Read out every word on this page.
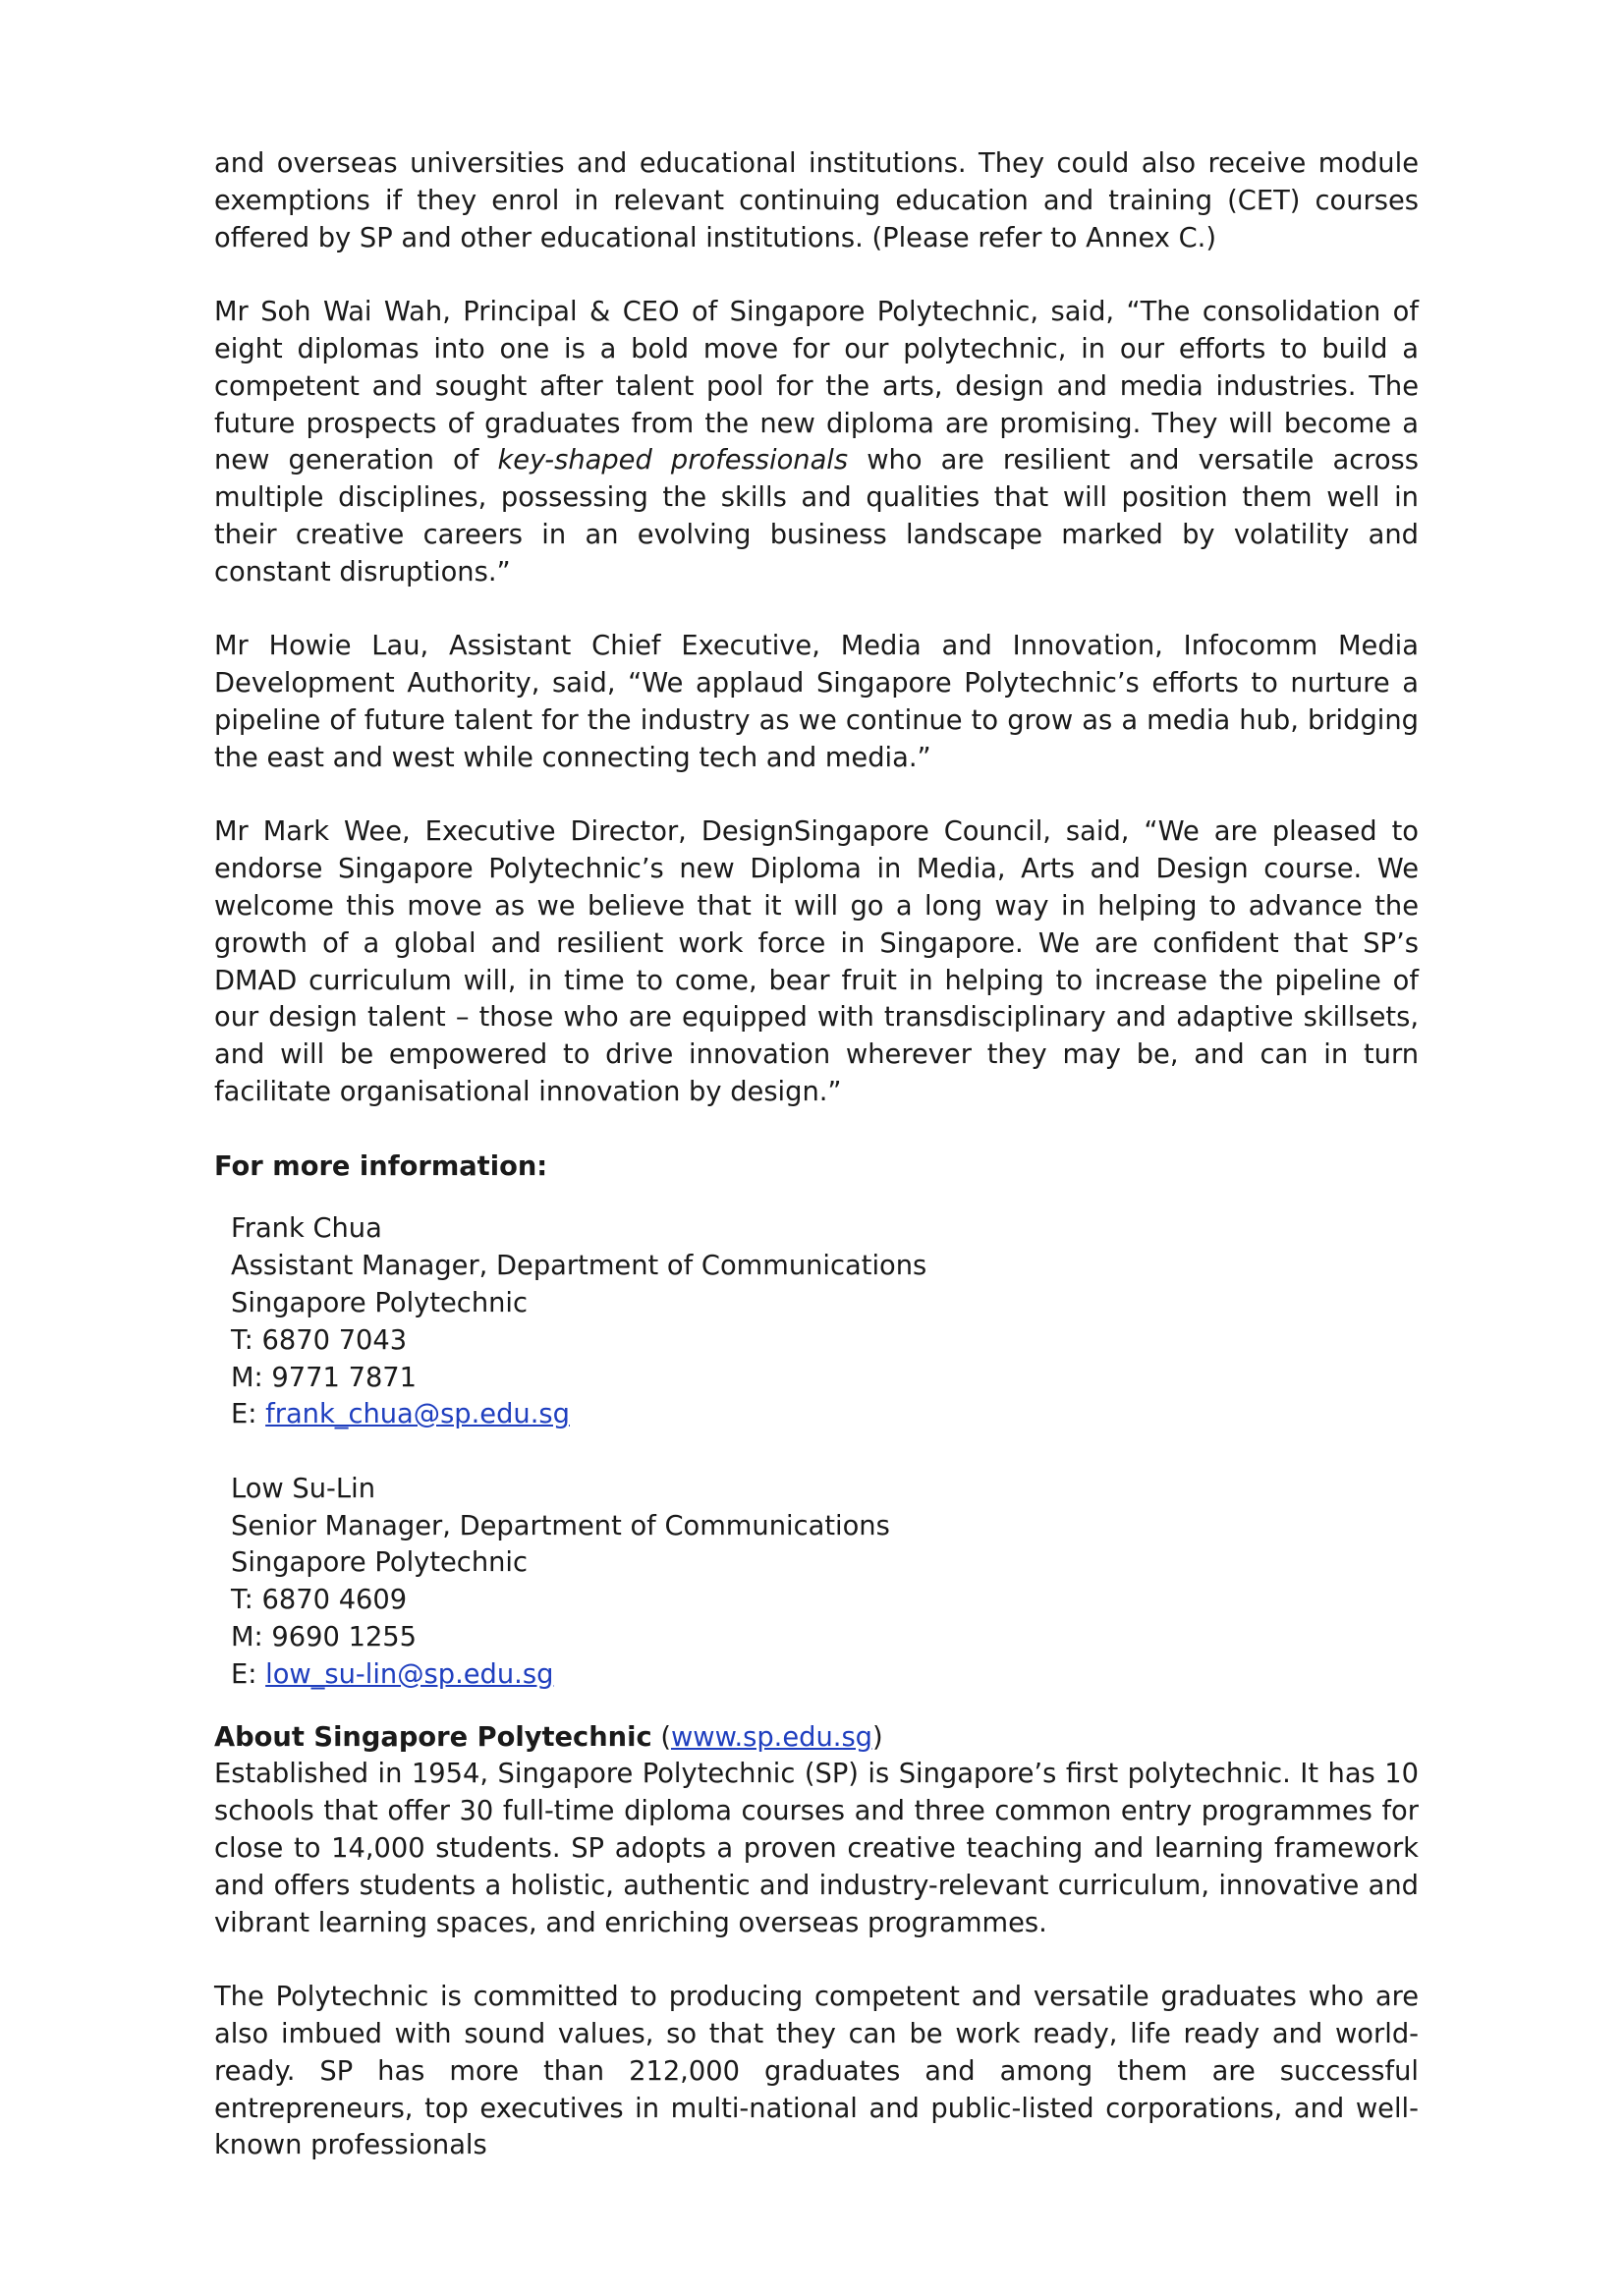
and overseas universities and educational institutions. They could also receive module exemptions if they enrol in relevant continuing education and training (CET) courses offered by SP and other educational institutions. (Please refer to Annex C.)

Mr Soh Wai Wah, Principal & CEO of Singapore Polytechnic, said, “The consolidation of eight diplomas into one is a bold move for our polytechnic, in our efforts to build a competent and sought after talent pool for the arts, design and media industries. The future prospects of graduates from the new diploma are promising. They will become a new generation of key-shaped professionals who are resilient and versatile across multiple disciplines, possessing the skills and qualities that will position them well in their creative careers in an evolving business landscape marked by volatility and constant disruptions.”

Mr Howie Lau, Assistant Chief Executive, Media and Innovation, Infocomm Media Development Authority, said, “We applaud Singapore Polytechnic’s efforts to nurture a pipeline of future talent for the industry as we continue to grow as a media hub, bridging the east and west while connecting tech and media.”

Mr Mark Wee, Executive Director, DesignSingapore Council, said, “We are pleased to endorse Singapore Polytechnic’s new Diploma in Media, Arts and Design course. We welcome this move as we believe that it will go a long way in helping to advance the growth of a global and resilient work force in Singapore. We are confident that SP’s DMAD curriculum will, in time to come, bear fruit in helping to increase the pipeline of our design talent – those who are equipped with transdisciplinary and adaptive skillsets, and will be empowered to drive innovation wherever they may be, and can in turn facilitate organisational innovation by design.”

For more information:

Frank Chua
Assistant Manager, Department of Communications
Singapore Polytechnic
T: 6870 7043
M: 9771 7871
E: frank_chua@sp.edu.sg
Low Su-Lin
Senior Manager, Department of Communications
Singapore Polytechnic
T: 6870 4609
M: 9690 1255
E: low_su-lin@sp.edu.sg
About Singapore Polytechnic (www.sp.edu.sg)

Established in 1954, Singapore Polytechnic (SP) is Singapore’s first polytechnic. It has 10 schools that offer 30 full-time diploma courses and three common entry programmes for close to 14,000 students. SP adopts a proven creative teaching and learning framework and offers students a holistic, authentic and industry-relevant curriculum, innovative and vibrant learning spaces, and enriching overseas programmes.

The Polytechnic is committed to producing competent and versatile graduates who are also imbued with sound values, so that they can be work ready, life ready and world-ready. SP has more than 212,000 graduates and among them are successful entrepreneurs, top executives in multi-national and public-listed corporations, and well-known professionals
